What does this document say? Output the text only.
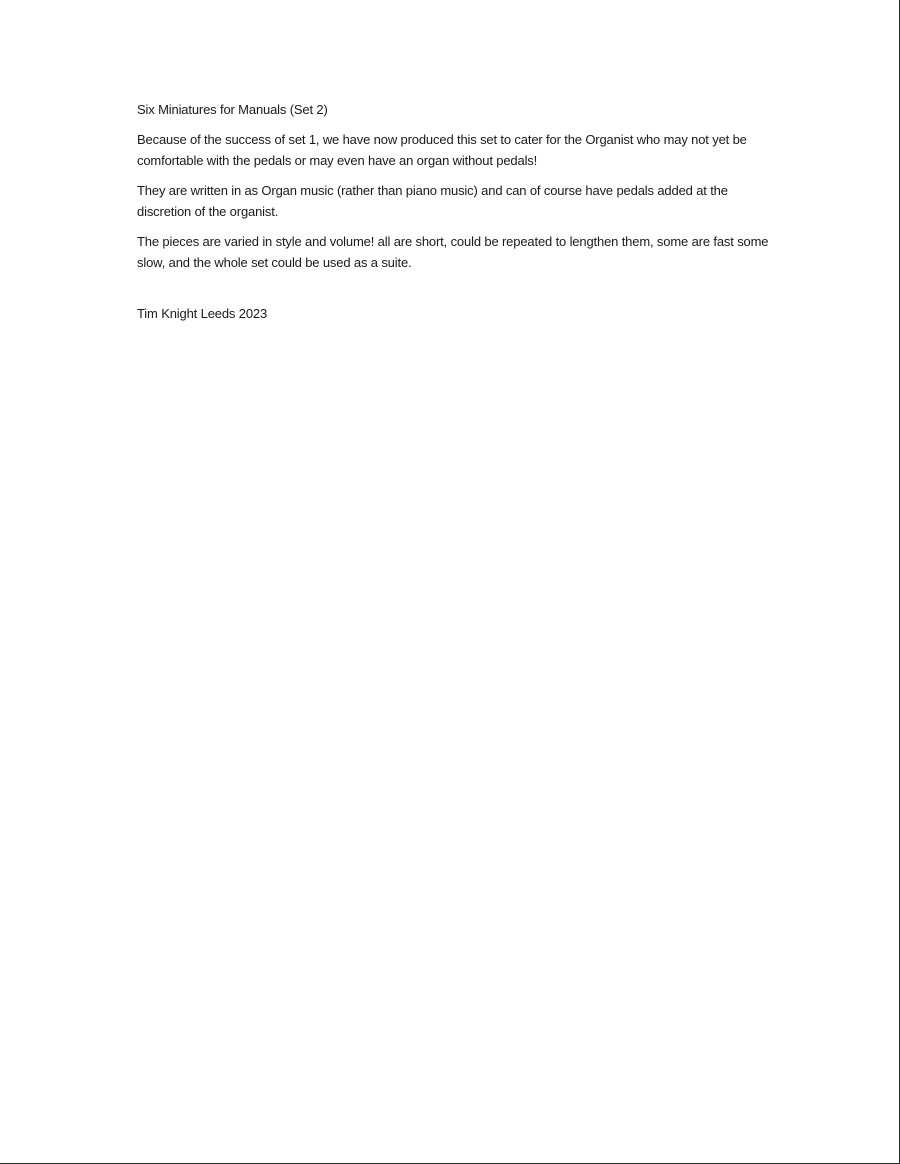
Six Miniatures for Manuals (Set 2)

Because of the success of set 1, we have now produced this set to cater for the Organist who may not yet be comfortable with the pedals or may even have an organ without pedals!

They are written in as Organ music (rather than piano music) and can of course have pedals added at the discretion of the organist.

The pieces are varied in style and volume! all are short, could be repeated to lengthen them, some are fast some slow, and the whole set could be used as a suite.

Tim Knight Leeds 2023
